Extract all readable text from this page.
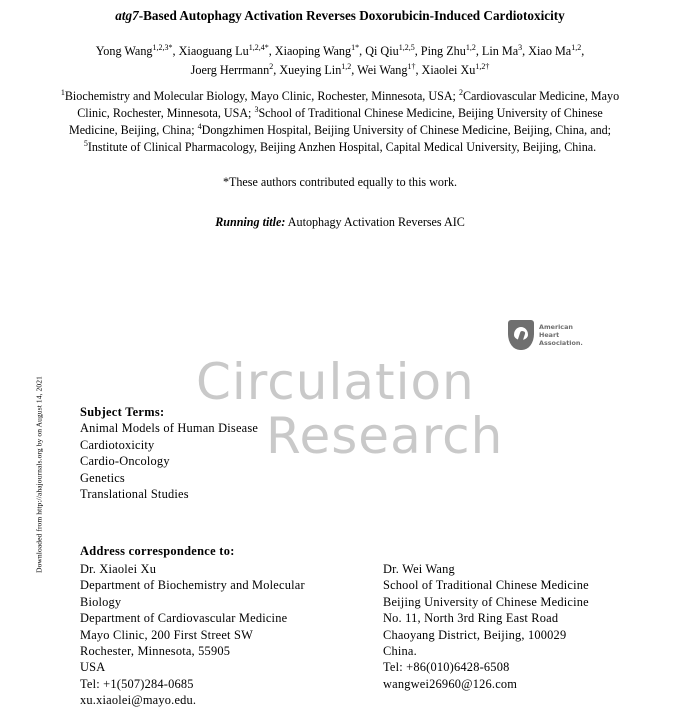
Downloaded from http://ahajournals.org by on August 14, 2021
atg7-Based Autophagy Activation Reverses Doxorubicin-Induced Cardiotoxicity
Yong Wang$^{1,2,3*}$, Xiaoguang $Lu^{1,2,4*}$, Xiaoping Wang$^{1*}$, Qi Qiu$^{1,2,5}$, Ping Zhu$^{1,2}$, Lin Ma$^3$, Xiao Ma$^{1,2}$,
Joerg Herrmann$^2$, Xueying Lin$^{1,2}$, Wei Wang$^{1\dagger}$, Xiaolei $Xu^{1,2\dagger}$
$^1$Biochemistry and Molecular Biology, Mayo Clinic, Rochester, Minnesota, USA; $^2$Cardiovascular Medicine, Mayo Clinic, Rochester, Minnesota, USA; $^3$School of Traditional Chinese Medicine, Beijing University of Chinese Medicine, Beijing, China; $^4$Dongzhimen Hospital, Beijing University of Chinese Medicine, Beijing, China, and; $^5$Institute of Clinical Pharmacology, Beijing Anzhen Hospital, Capital Medical University, Beijing, China.
*These authors contributed equally to this work.
Running title: Autophagy Activation Reverses AIC
Circulation
Research
American
Heart
Association.
Subject Terms:
Animal Models of Human Disease
Cardiotoxicity
Cardio-Oncology
Genetics
Translational Studies
Address correspondence to:
Dr. Xiaolei Xu
Department of Biochemistry and Molecular Biology
Department of Cardiovascular Medicine
Mayo Clinic, 200 First Street SW
Rochester, Minnesota, 55905
USA
Tel: +1(507)284-0685
xu.xiaolei@mayo.edu.
Dr. Wei Wang
School of Traditional Chinese Medicine
Beijing University of Chinese Medicine
No. 11, North 3rd Ring East Road
Chaoyang District, Beijing, 100029
China.
Tel: +86(010)6428-6508
wangwei26960@126.com
